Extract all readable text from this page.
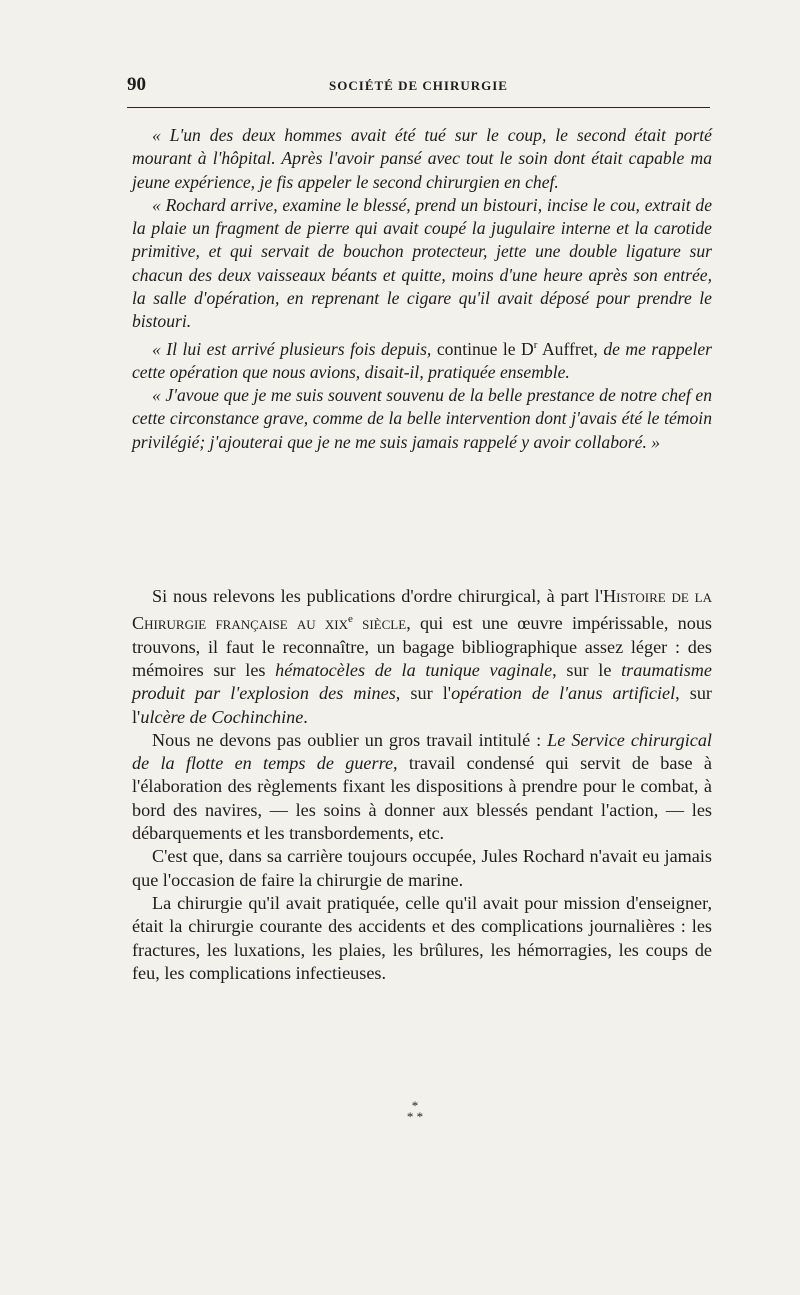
90	SOCIÉTÉ DE CHIRURGIE

« L'un des deux hommes avait été tué sur le coup, le second était porté mourant à l'hôpital. Après l'avoir pansé avec tout le soin dont était capable ma jeune expérience, je fis appeler le second chirurgien en chef.

« Rochard arrive, examine le blessé, prend un bistouri, incise le cou, extrait de la plaie un fragment de pierre qui avait coupé la jugulaire interne et la carotide primitive, et qui servait de bouchon protecteur, jette une double ligature sur chacun des deux vaisseaux béants et quitte, moins d'une heure après son entrée, la salle d'opération, en reprenant le cigare qu'il avait déposé pour prendre le bistouri.

« Il lui est arrivé plusieurs fois depuis, continue le $D^r$ Auffret, de me rappeler cette opération que nous avions, disait-il, pratiquée ensemble.

« J'avoue que je me suis souvent souvenu de la belle prestance de notre chef en cette circonstance grave, comme de la belle intervention dont j'avais été le témoin privilégié; j'ajouterai que je ne me suis jamais rappelé y avoir collaboré. »

Si nous relevons les publications d'ordre chirurgical, à part l'Histoire de la Chirurgie française au xix$^e$ siècle, qui est une œuvre impérissable, nous trouvons, il faut le reconnaître, un bagage bibliographique assez léger : des mémoires sur les hématocèles de la tunique vaginale, sur le traumatisme produit par l'explosion des mines, sur l'opération de l'anus artificiel, sur l'ulcère de Cochinchine.

Nous ne devons pas oublier un gros travail intitulé : Le Service chirurgical de la flotte en temps de guerre, travail condensé qui servit de base à l'élaboration des règlements fixant les dispositions à prendre pour le combat, à bord des navires, — les soins à donner aux blessés pendant l'action, — les débarquements et les transbordements, etc.

C'est que, dans sa carrière toujours occupée, Jules Rochard n'avait eu jamais que l'occasion de faire la chirurgie de marine.

La chirurgie qu'il avait pratiquée, celle qu'il avait pour mission d'enseigner, était la chirurgie courante des accidents et des complications journalières : les fractures, les luxations, les plaies, les brûlures, les hémorragies, les coups de feu, les complications infectieuses.

*
* *
